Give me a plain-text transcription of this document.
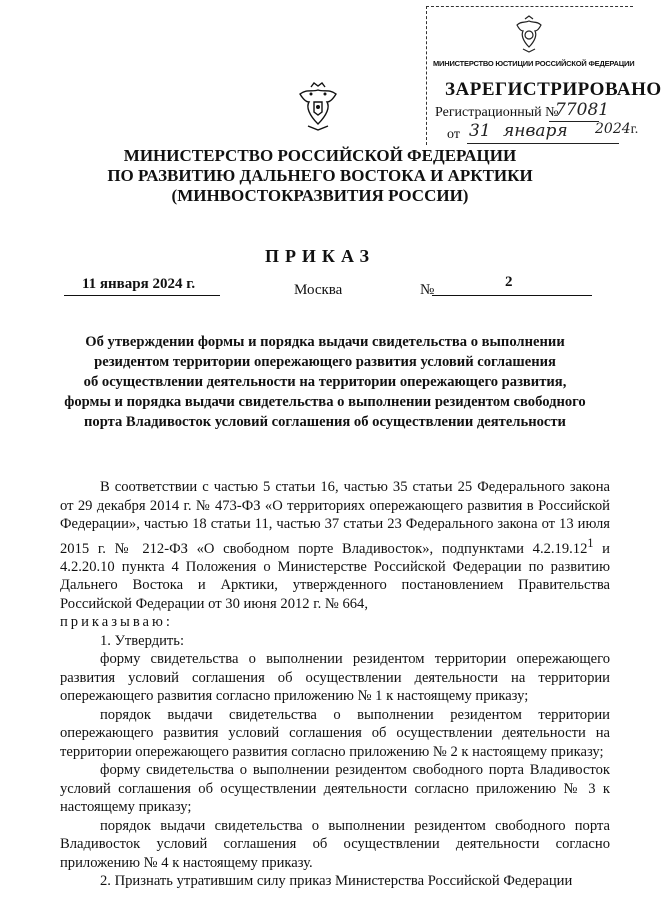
МИНИСТЕРСТВО ЮСТИЦИИ РОССИЙСКОЙ ФЕДЕРАЦИИ
ЗАРЕГИСТРИРОВАНО
Регистрационный №
77081
от 31 января 2024г.
МИНИСТЕРСТВО РОССИЙСКОЙ ФЕДЕРАЦИИ
ПО РАЗВИТИЮ ДАЛЬНЕГО ВОСТОКА И АРКТИКИ
(МИНВОСТОКРАЗВИТИЯ РОССИИ)
ПРИКАЗ
11 января 2024 г.	Москва	№	2
Об утверждении формы и порядка выдачи свидетельства о выполнении
резидентом территории опережающего развития условий соглашения
об осуществлении деятельности на территории опережающего развития,
формы и порядка выдачи свидетельства о выполнении резидентом свободного
порта Владивосток условий соглашения об осуществлении деятельности

В соответствии с частью 5 статьи 16, частью 35 статьи 25 Федерального закона от 29 декабря 2014 г. № 473-ФЗ «О территориях опережающего развития в Российской Федерации», частью 18 статьи 11, частью 37 статьи 23 Федерального закона от 13 июля 2015 г. № 212-ФЗ «О свободном порте Владивосток», подпунктами 4.2.19.12$^1$ и 4.2.20.10 пункта 4 Положения о Министерстве Российской Федерации по развитию Дальнего Востока и Арктики, утвержденного постановлением Правительства Российской Федерации от 30 июня 2012 г. № 664,

приказываю:

1. Утвердить:

форму свидетельства о выполнении резидентом территории опережающего развития условий соглашения об осуществлении деятельности на территории опережающего развития согласно приложению № 1 к настоящему приказу;

порядок выдачи свидетельства о выполнении резидентом территории опережающего развития условий соглашения об осуществлении деятельности на территории опережающего развития согласно приложению № 2 к настоящему приказу;

форму свидетельства о выполнении резидентом свободного порта Владивосток условий соглашения об осуществлении деятельности согласно приложению № 3 к настоящему приказу;

порядок выдачи свидетельства о выполнении резидентом свободного порта Владивосток условий соглашения об осуществлении деятельности согласно приложению № 4 к настоящему приказу.

2. Признать утратившим силу приказ Министерства Российской Федерации
